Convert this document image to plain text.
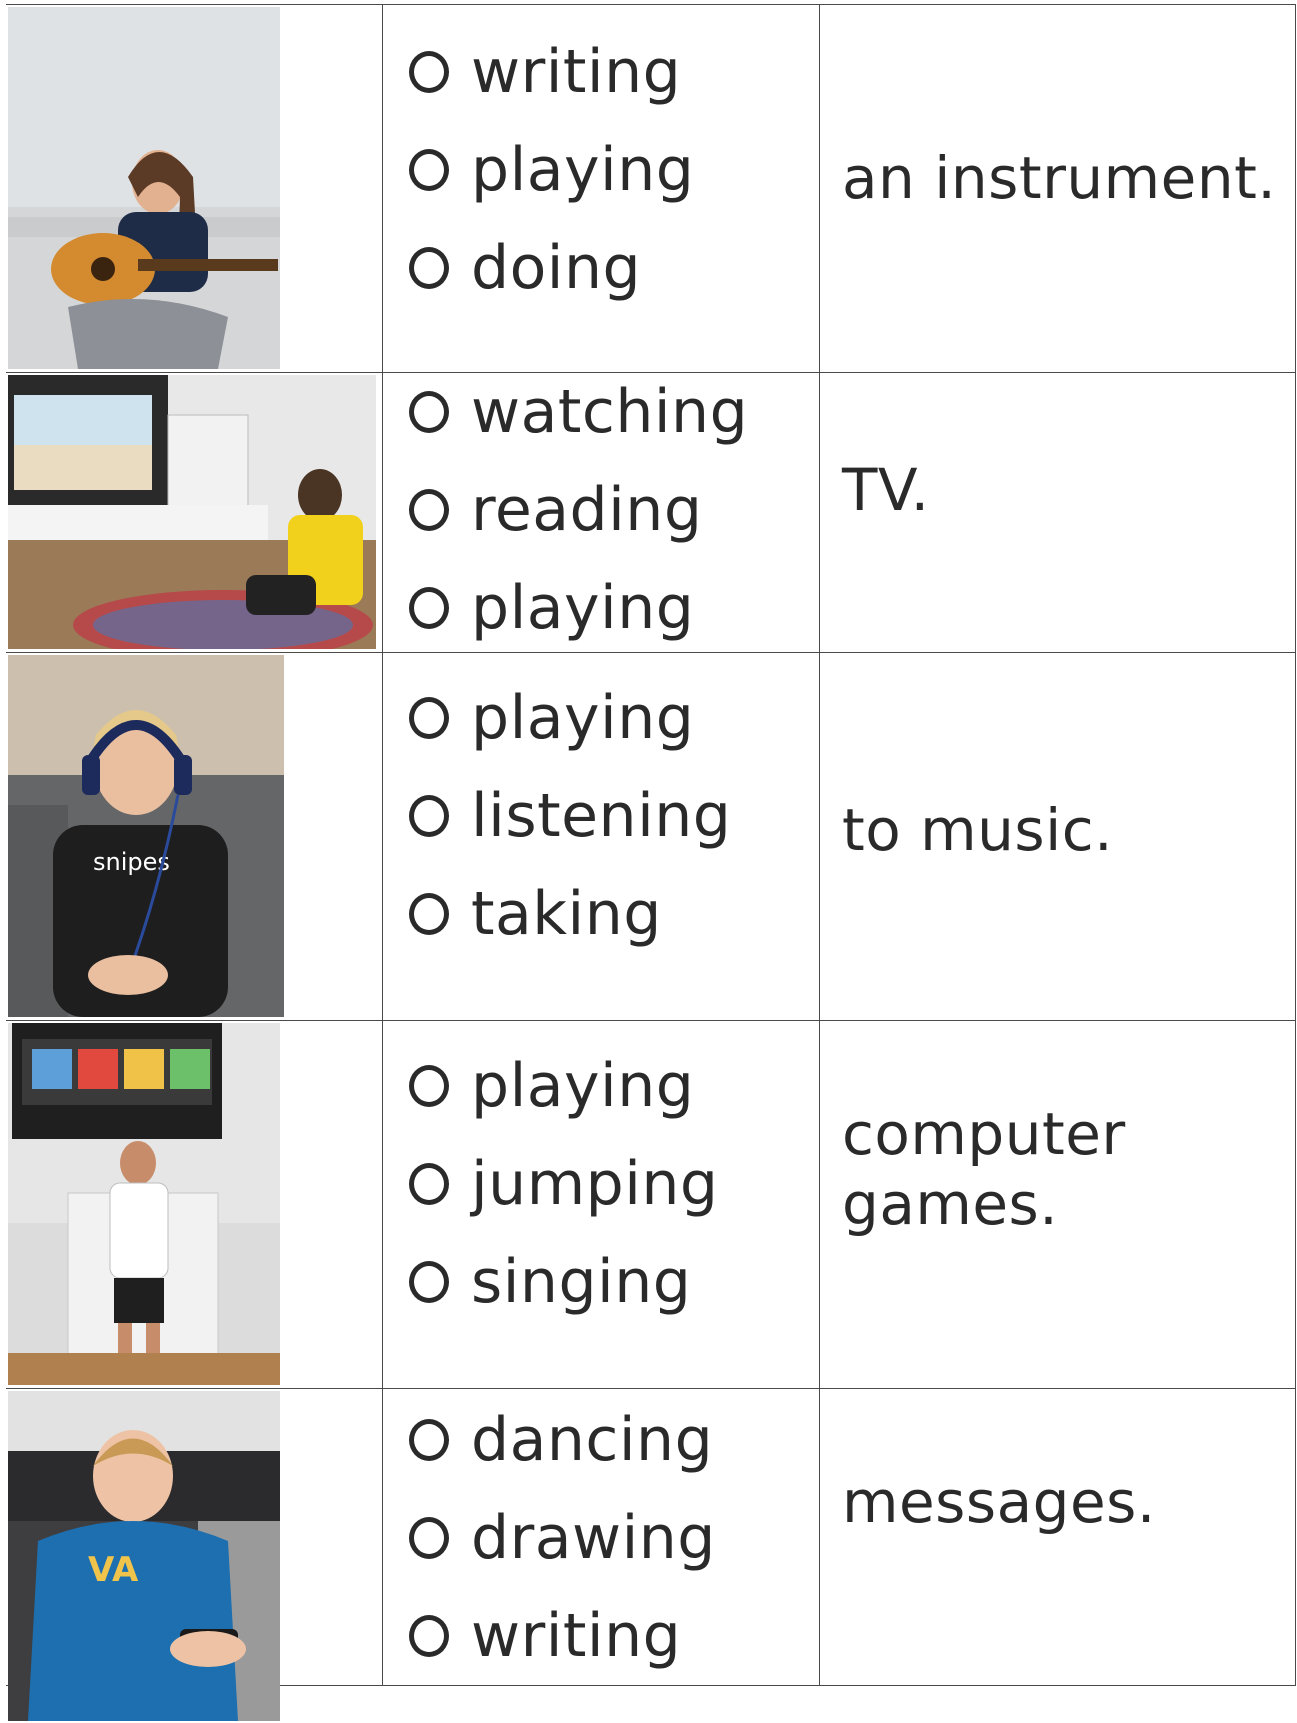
writing
playing
doing
an instrument.
watching
reading
playing
TV.
snipes
playing
listening
taking
to music.
playing
jumping
singing
computer games.
VA
dancing
drawing
writing
messages.
